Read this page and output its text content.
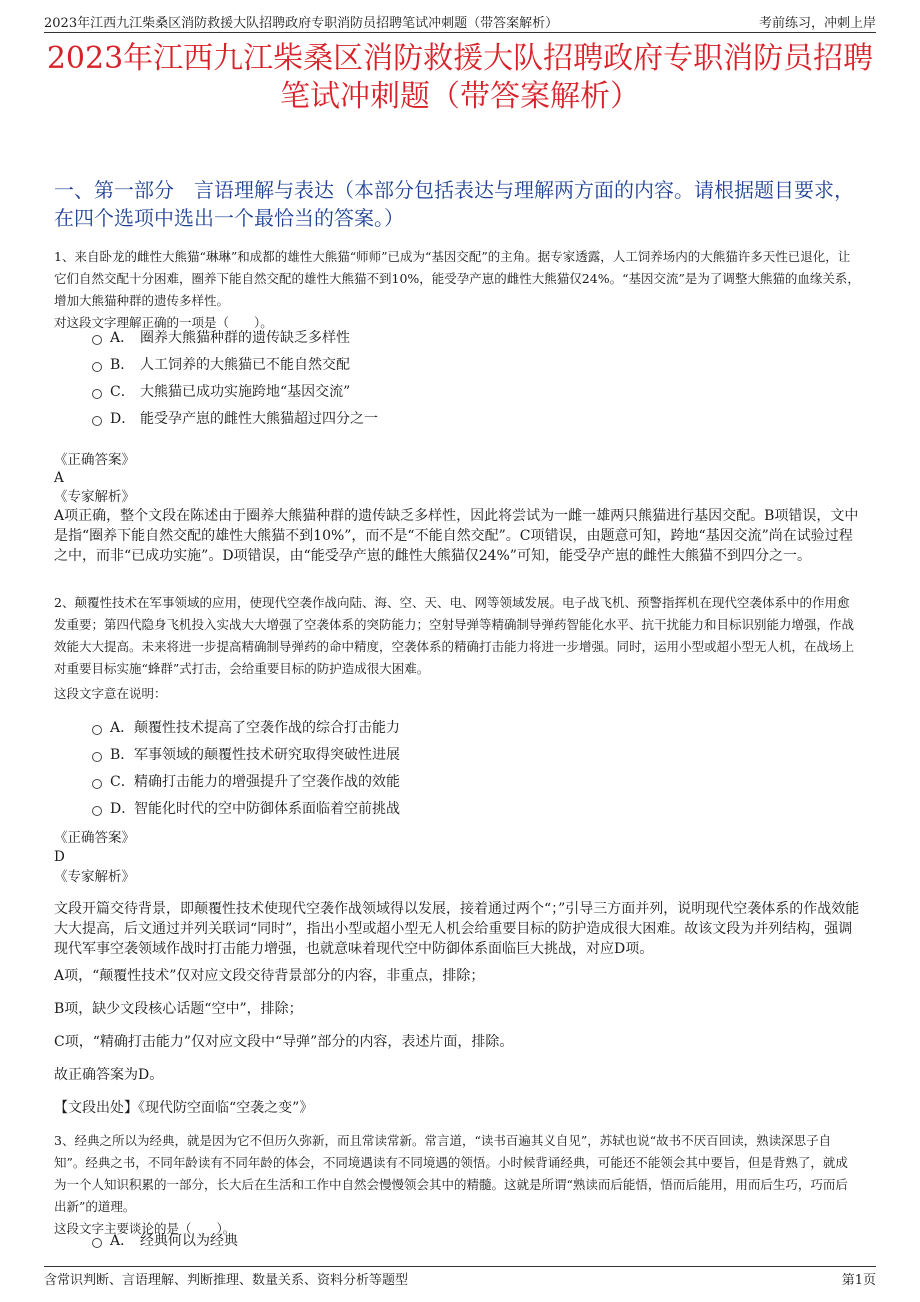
2023年江西九江柴桑区消防救援大队招聘政府专职消防员招聘笔试冲刺题（带答案解析）	考前练习，冲刺上岸
2023年江西九江柴桑区消防救援大队招聘政府专职消防员招聘
笔试冲刺题（带答案解析）
一、第一部分　言语理解与表达（本部分包括表达与理解两方面的内容。请根据题目要求，在四个选项中选出一个最恰当的答案。）
1、来自卧龙的雌性大熊猫“琳琳”和成都的雄性大熊猫“师师”已成为“基因交配”的主角。据专家透露，人工饲养场内的大熊猫许多天性已退化，让它们自然交配十分困难，圈养下能自然交配的雄性大熊猫不到10%，能受孕产崽的雌性大熊猫仅24%。“基因交流”是为了调整大熊猫的血缘关系，增加大熊猫种群的遗传多样性。
对这段文字理解正确的一项是（　　）。
A． 圈养大熊猫种群的遗传缺乏多样性
B． 人工饲养的大熊猫已不能自然交配
C． 大熊猫已成功实施跨地“基因交流”
D． 能受孕产崽的雌性大熊猫超过四分之一
《正确答案》
A
《专家解析》
A项正确，整个文段在陈述由于圈养大熊猫种群的遗传缺乏多样性，因此将尝试为一雌一雄两只熊猫进行基因交配。B项错误，文中是指“圈养下能自然交配的雄性大熊猫不到10%”，而不是“不能自然交配”。C项错误，由题意可知，跨地“基因交流”尚在试验过程之中，而非“已成功实施”。D项错误，由“能受孕产崽的雌性大熊猫仅24%”可知，能受孕产崽的雌性大熊猫不到四分之一。
2、颠覆性技术在军事领域的应用，使现代空袭作战向陆、海、空、天、电、网等领域发展。电子战飞机、预警指挥机在现代空袭体系中的作用愈发重要；第四代隐身飞机投入实战大大增强了空袭体系的突防能力；空射导弹等精确制导弹药智能化水平、抗干扰能力和目标识别能力增强，作战效能大大提高。未来将进一步提高精确制导弹药的命中精度，空袭体系的精确打击能力将进一步增强。同时，运用小型或超小型无人机，在战场上对重要目标实施“蜂群”式打击，会给重要目标的防护造成很大困难。
这段文字意在说明：
A． 颠覆性技术提高了空袭作战的综合打击能力
B． 军事领域的颠覆性技术研究取得突破性进展
C． 精确打击能力的增强提升了空袭作战的效能
D．
智能化时代的空中防御体系面临着空前挑战
《正确答案》
D
《专家解析》
文段开篇交待背景，即颠覆性技术使现代空袭作战领域得以发展，接着通过两个“；”引导三方面并列，说明现代空袭体系的作战效能大大提高，后文通过并列关联词“同时”，指出小型或超小型无人机会给重要目标的防护造成很大困难。故该文段为并列结构，强调现代军事空袭领域作战时打击能力增强，也就意味着现代空中防御体系面临巨大挑战，对应D项。
A项，“颠覆性技术”仅对应文段交待背景部分的内容，非重点，排除；
B项，缺少文段核心话题“空中”，排除；
C项，“精确打击能力”仅对应文段中“导弹”部分的内容，表述片面，排除。
故正确答案为D。
【文段出处】《现代防空面临“空袭之变”》
3、经典之所以为经典，就是因为它不但历久弥新，而且常读常新。常言道，“读书百遍其义自见”，苏轼也说“故书不厌百回读，熟读深思子自知”。经典之书，不同年龄读有不同年龄的体会，不同境遇读有不同境遇的领悟。小时候背诵经典，可能还不能领会其中要旨，但是背熟了，就成为一个人知识积累的一部分，长大后在生活和工作中自然会慢慢领会其中的精髓。这就是所谓“熟读而后能悟，悟而后能用，用而后生巧，巧而后出新”的道理。
这段文字主要谈论的是（　　）。
A． 经典何以为经典
含常识判断、言语理解、判断推理、数量关系、资料分析等题型	第1页
